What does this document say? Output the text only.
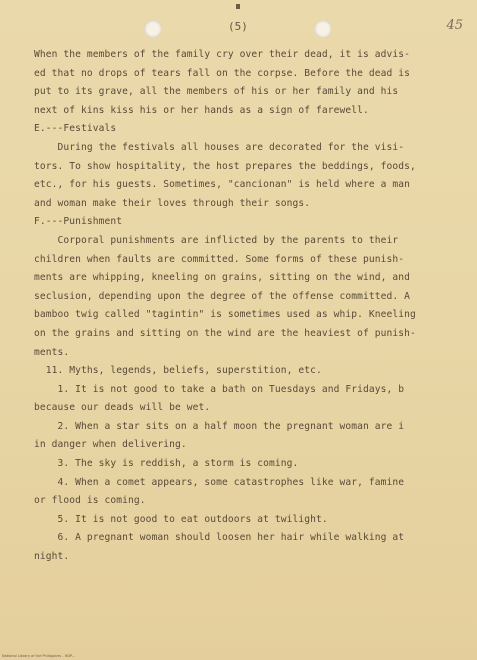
(5)	45
When the members of the family cry over their dead, it is advis-
ed that no drops of tears fall on the corpse. Before the dead is
put to its grave, all the members of his or her family and his
next of kins kiss his or her hands as a sign of farewell.
E.---Festivals
During the festivals all houses are decorated for the visi-
tors. To show hospitality, the host prepares the beddings, foods,
etc., for his guests. Sometimes, "cancionan" is held where a man
and woman make their loves through their songs.
F.---Punishment
Corporal punishments are inflicted by the parents to their
children when faults are committed. Some forms of these punish-
ments are whipping, kneeling on grains, sitting on the wind, and
seclusion, depending upon the degree of the offense committed. A
bamboo twig called "tagintin" is sometimes used as whip. Kneeling
on the grains and sitting on the wind are the heaviest of punish-
ments.
11. Myths, legends, beliefs, superstition, etc.
1. It is not good to take a bath on Tuesdays and Fridays, b
because our deads will be wet.
2. When a star sits on a half moon the pregnant woman are i
in danger when delivering.
3. The sky is reddish, a storm is coming.
4. When a comet appears, some catastrophes like war, famine
or flood is coming.
5. It is not good to eat outdoors at twilight.
6. A pregnant woman should loosen her hair while walking at
night.
National Library of the Philippines - HDP...
